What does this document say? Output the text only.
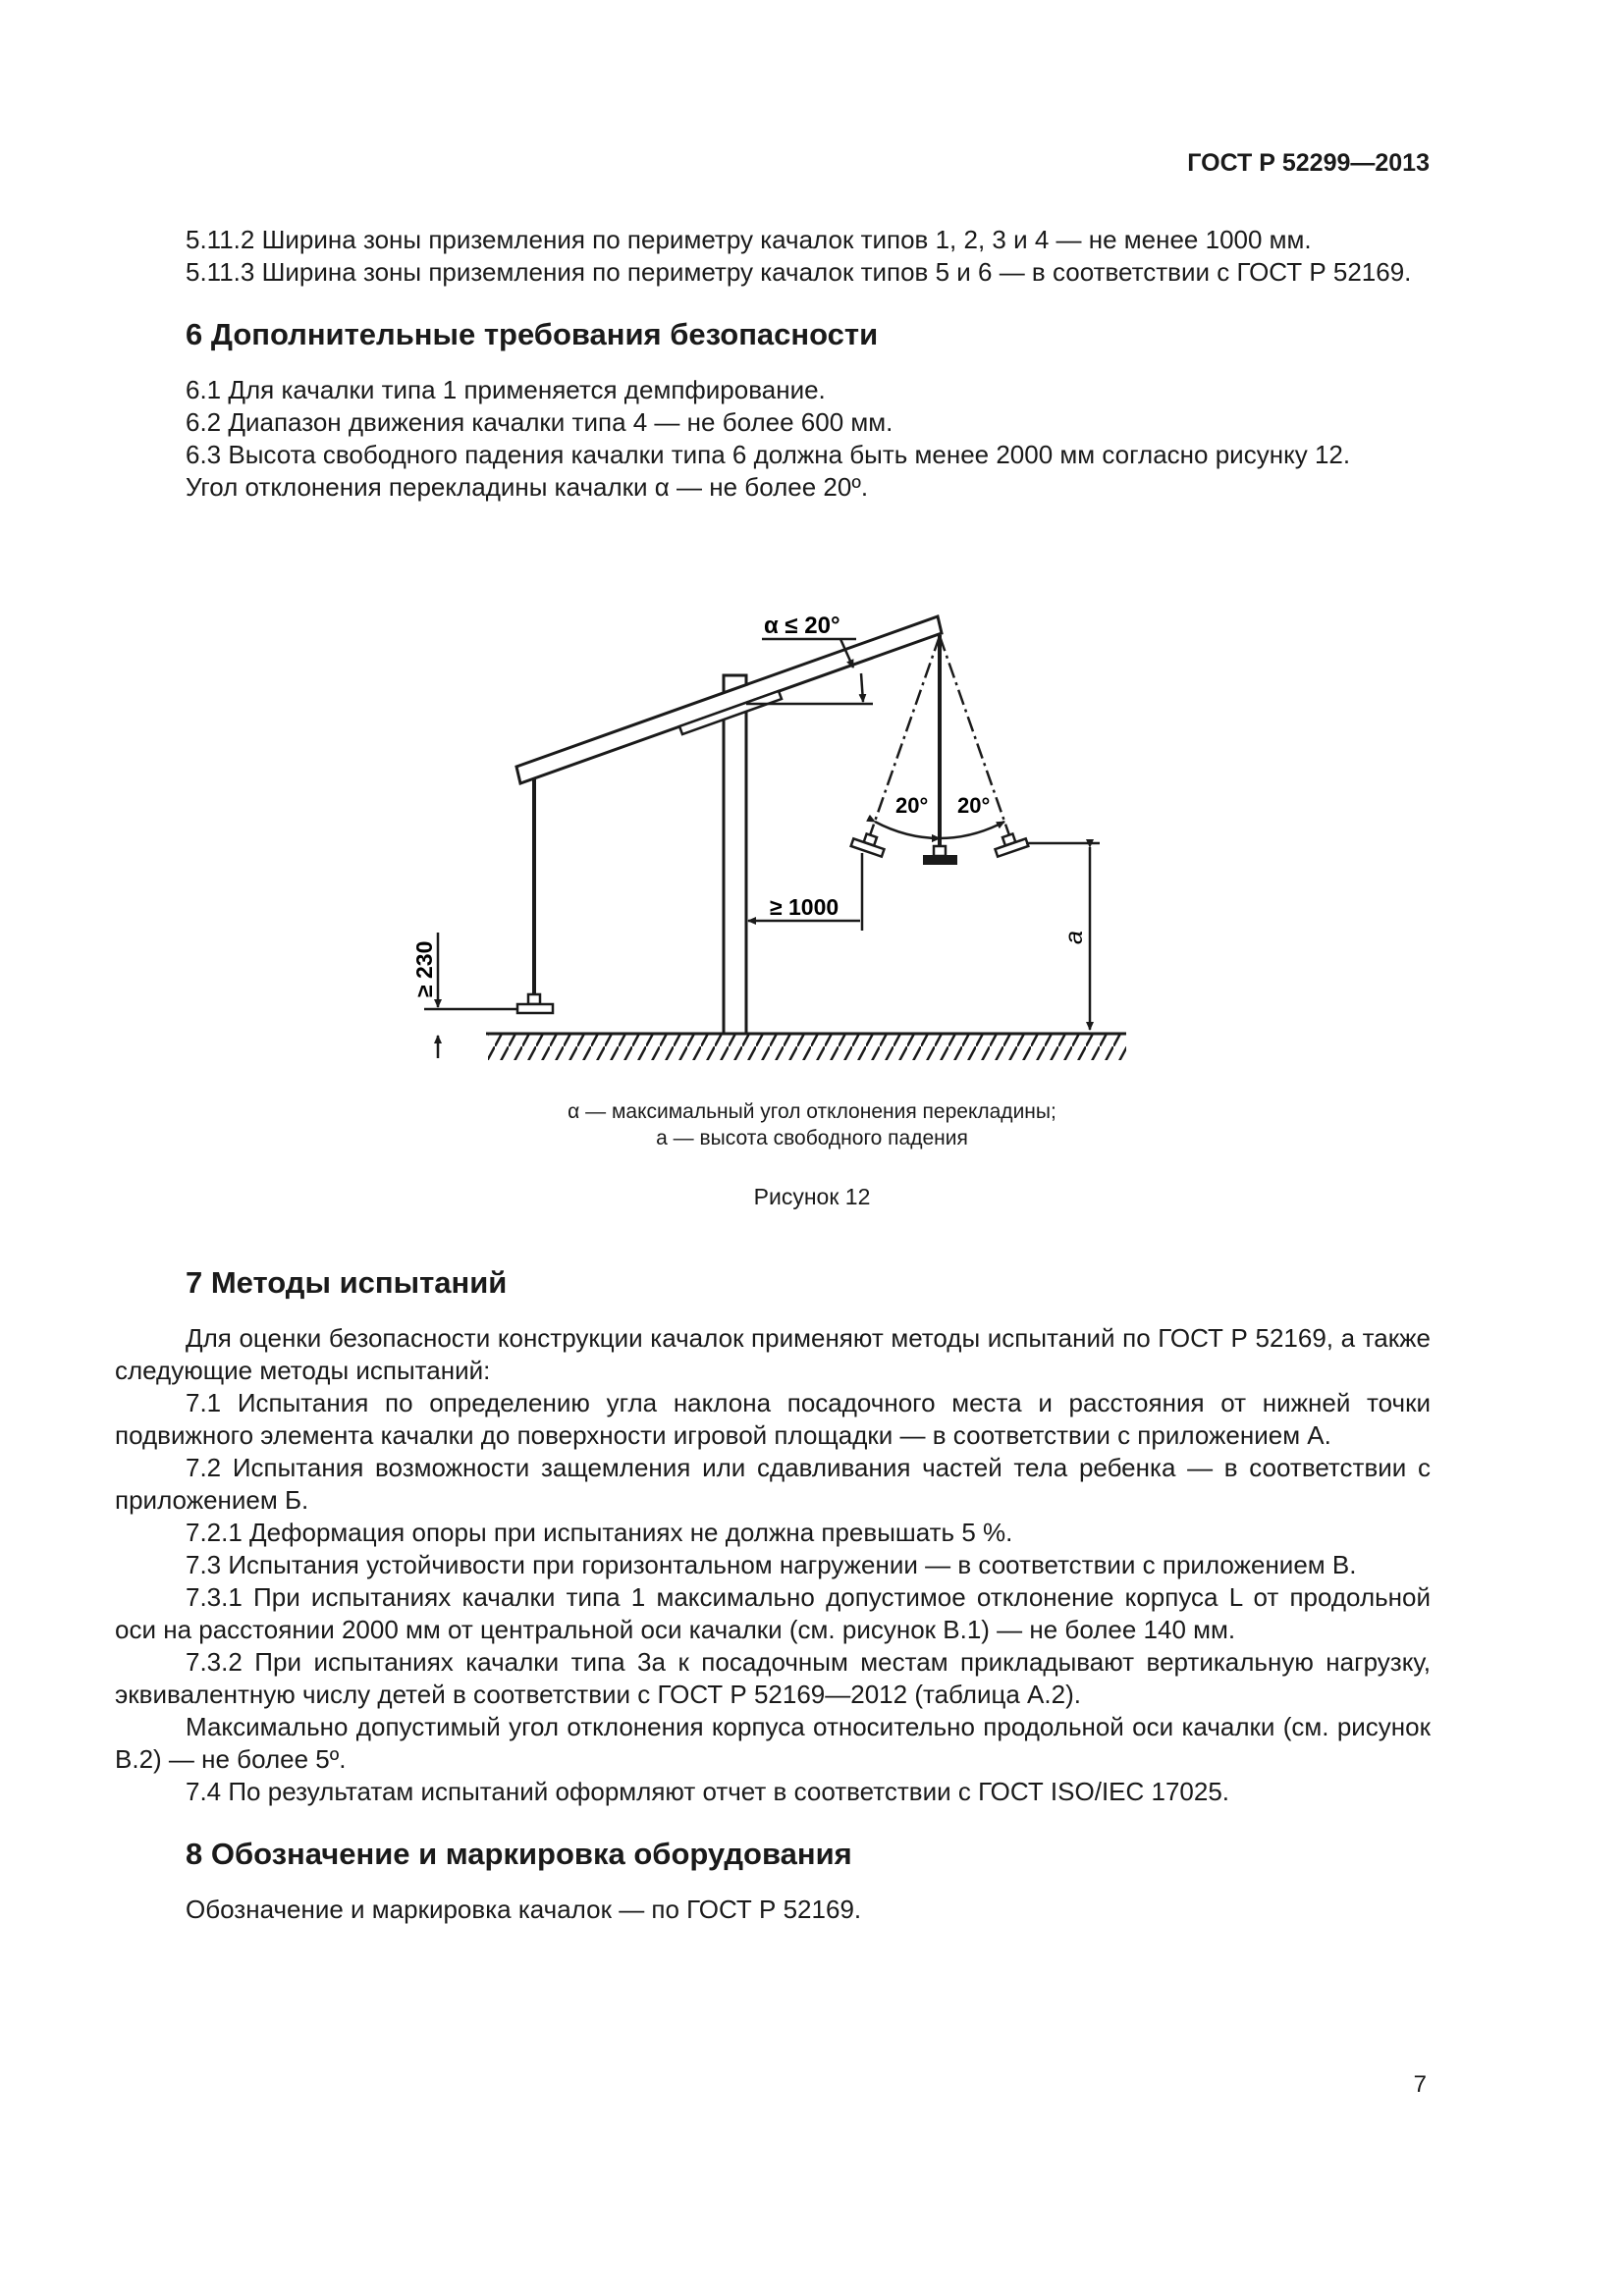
ГОСТ Р 52299—2013

5.11.2 Ширина зоны приземления по периметру качалок типов 1, 2, 3 и 4 — не менее 1000 мм.

5.11.3 Ширина зоны приземления по периметру качалок типов 5 и 6 — в соответствии с ГОСТ Р 52169.

6 Дополнительные требования безопасности

6.1 Для качалки типа 1 применяется демпфирование.

6.2 Диапазон движения качалки типа 4 — не более 600 мм.

6.3 Высота свободного падения качалки типа 6 должна быть менее 2000 мм согласно рисунку 12.

Угол отклонения перекладины качалки α — не более 20º.

20° 20°
α ≤ 20°
≥ 1000
a
≥ 230
α — максимальный угол отклонения перекладины;
a — высота свободного падения
Рисунок 12
7 Методы испытаний

Для оценки безопасности конструкции качалок применяют методы испытаний по ГОСТ Р 52169, а также следующие методы испытаний:

7.1 Испытания по определению угла наклона посадочного места и расстояния от нижней точки подвижного элемента качалки до поверхности игровой площадки — в соответствии с приложением А.

7.2 Испытания возможности защемления или сдавливания частей тела ребенка — в соответствии с приложением Б.

7.2.1 Деформация опоры при испытаниях не должна превышать 5 %.

7.3 Испытания устойчивости при горизонтальном нагружении — в соответствии с приложением В.

7.3.1 При испытаниях качалки типа 1 максимально допустимое отклонение корпуса L от продольной оси на расстоянии 2000 мм от центральной оси качалки (см. рисунок В.1) — не более 140 мм.

7.3.2 При испытаниях качалки типа 3а к посадочным местам прикладывают вертикальную нагрузку, эквивалентную числу детей в соответствии с ГОСТ Р 52169—2012 (таблица А.2).

Максимально допустимый угол отклонения корпуса относительно продольной оси качалки (см. рисунок В.2) — не более 5º.

7.4 По результатам испытаний оформляют отчет в соответствии с ГОСТ ISO/IEC 17025.

8 Обозначение и маркировка оборудования

Обозначение и маркировка качалок — по ГОСТ Р 52169.

7
